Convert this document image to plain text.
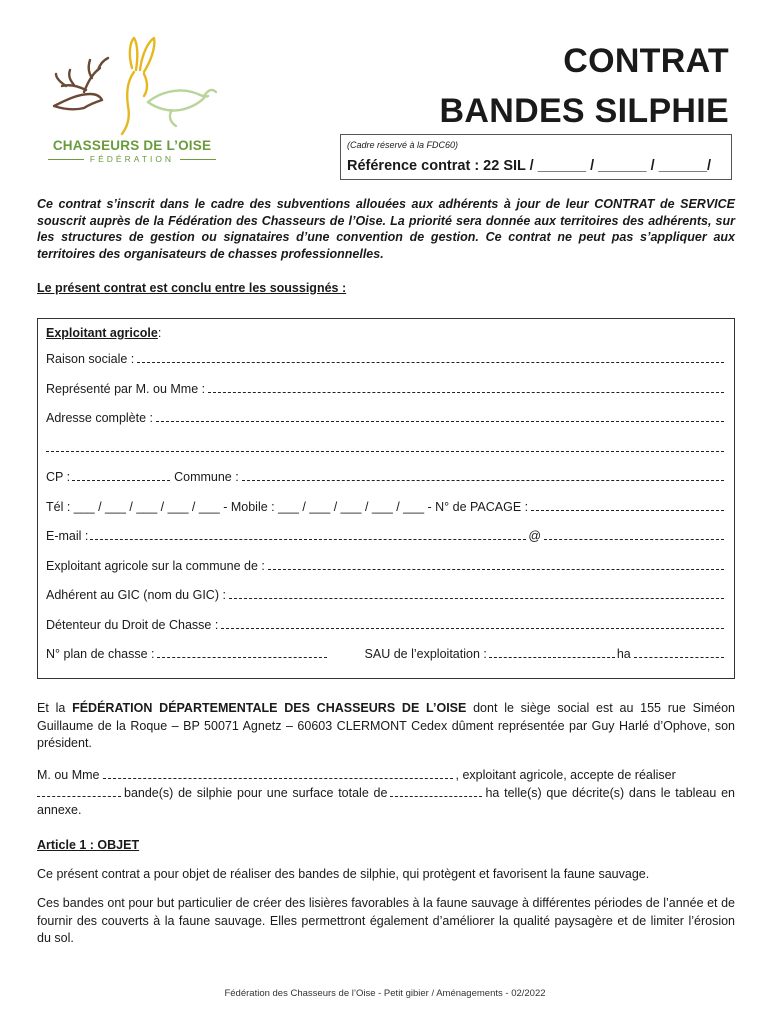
CHASSEURS DE L’OISE
FÉDÉRATION
CONTRAT
BANDES SILPHIE
(Cadre réservé à la FDC60)
Référence contrat : 22 SIL / ______ / ______ / ______/
Ce contrat s’inscrit dans le cadre des subventions allouées aux adhérents à jour de leur CONTRAT de SERVICE souscrit auprès de la Fédération des Chasseurs de l’Oise. La priorité sera donnée aux territoires des adhérents, sur les structures de gestion ou signataires d’une convention de gestion. Ce contrat ne peut pas s’appliquer aux territoires des organisateurs de chasses professionnelles.
Le présent contrat est conclu entre les soussignés :
Exploitant agricole :
Raison sociale :
Représenté par M. ou Mme :
Adresse complète :
CP :	Commune :
Tél : ___ / ___ / ___ / ___ / ___ - Mobile : ___ / ___ / ___ / ___ / ___ - N° de PACAGE :
E-mail :	@
Exploitant agricole sur la commune de :
Adhérent au GIC (nom du GIC) :
Détenteur du Droit de Chasse :
N° plan de chasse :	SAU de l’exploitation :	ha
Et la FÉDÉRATION DÉPARTEMENTALE DES CHASSEURS DE L’OISE dont le siège social est au 155 rue Siméon Guillaume de la Roque – BP 50071 Agnetz – 60603 CLERMONT Cedex dûment représentée par Guy Harlé d’Ophove, son président.
M. ou Mme	, exploitant agricole, accepte de réaliser
bande(s) de silphie pour une surface totale de	ha telle(s) que décrite(s) dans le tableau en annexe.
Article 1 : OBJET
Ce présent contrat a pour objet de réaliser des bandes de silphie, qui protègent et favorisent la faune sauvage.
Ces bandes ont pour but particulier de créer des lisières favorables à la faune sauvage à différentes périodes de l’année et de fournir des couverts à la faune sauvage. Elles permettront également d’améliorer la qualité paysagère et de limiter l’érosion du sol.
Fédération des Chasseurs de l’Oise - Petit gibier / Aménagements - 02/2022
